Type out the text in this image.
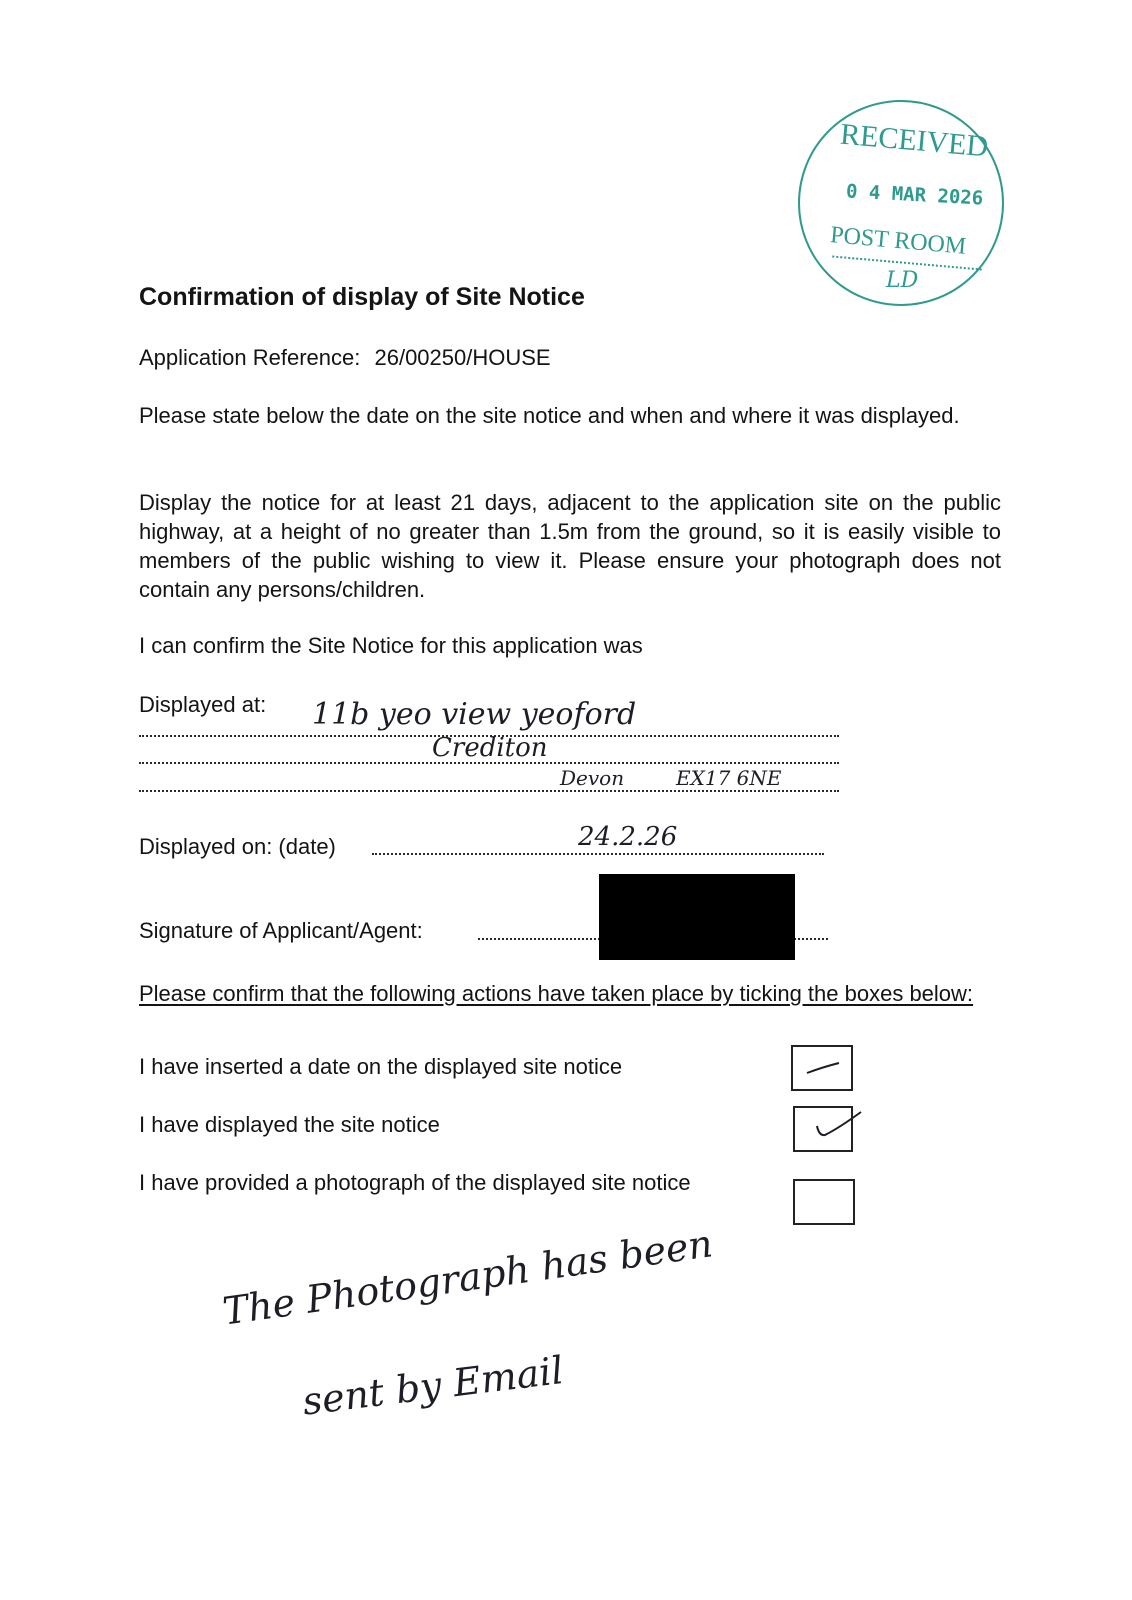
RECEIVED
0 4 MAR 2026
POST ROOM
LD
Confirmation of display of Site Notice
Application Reference: 26/00250/HOUSE
Please state below the date on the site notice and when and where it was displayed.
Display the notice for at least 21 days, adjacent to the application site on the public highway, at a height of no greater than 1.5m from the ground, so it is easily visible to members of the public wishing to view it. Please ensure your photograph does not contain any persons/children.
I can confirm the Site Notice for this application was
Displayed at: 11b yeo view yeoford
Crediton
Devon	EX17 6NE
Displayed on: (date)	24.2.26
Signature of Applicant/Agent:
Please confirm that the following actions have taken place by ticking the boxes below:
I have inserted a date on the displayed site notice
I have displayed the site notice
I have provided a photograph of the displayed site notice
The Photograph has been
sent by Email
